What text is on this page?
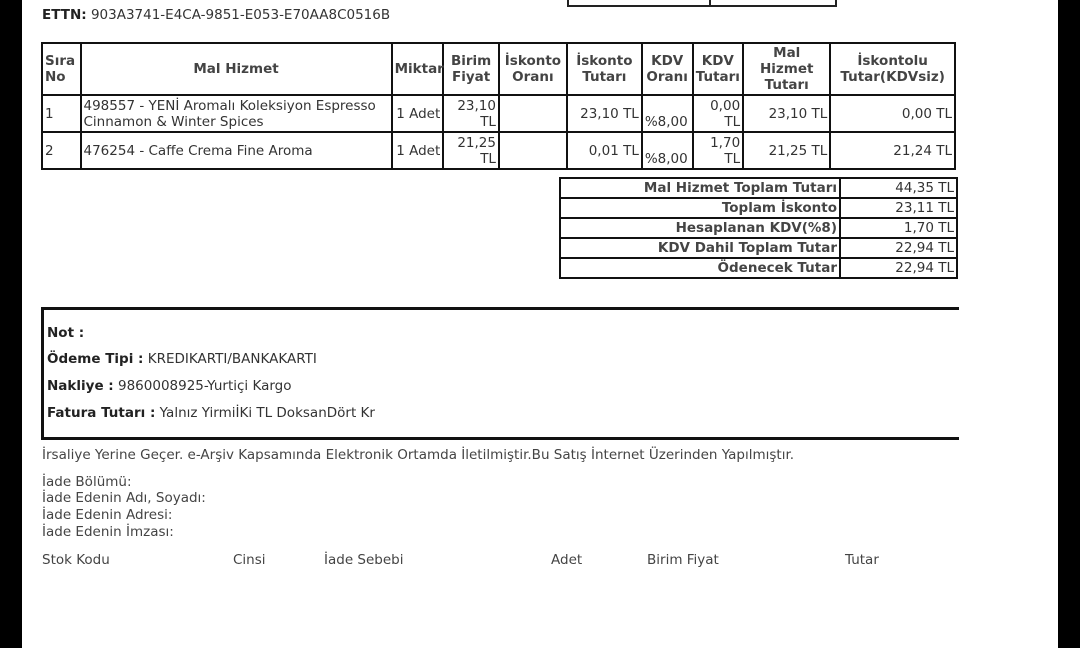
ETTN: 903A3741-E4CA-9851-E053-E70AA8C0516B
Sıra No	Mal Hizmet	Miktar	Birim Fiyat	İskonto Oranı	İskonto Tutarı	KDV Oranı	KDV Tutarı	Mal Hizmet Tutarı	İskontolu Tutar(KDVsiz)
1	498557 - YENİ Aromalı Koleksiyon Espresso Cinnamon & Winter Spices	1 Adet	23,10 TL		23,10 TL	%8,00	0,00 TL	23,10 TL	0,00 TL
2	476254 - Caffe Crema Fine Aroma	1 Adet	21,25 TL		0,01 TL	%8,00	1,70 TL	21,25 TL	21,24 TL
Mal Hizmet Toplam Tutarı	44,35 TL
Toplam İskonto	23,11 TL
Hesaplanan KDV(%8)	1,70 TL
KDV Dahil Toplam Tutar	22,94 TL
Ödenecek Tutar	22,94 TL
Not :
Ödeme Tipi : KREDIKARTI/BANKAKARTI
Nakliye : 9860008925-Yurtiçi Kargo
Fatura Tutarı : Yalnız YirmiİKi TL DoksanDört Kr
İrsaliye Yerine Geçer. e-Arşiv Kapsamında Elektronik Ortamda İletilmiştir.Bu Satış İnternet Üzerinden Yapılmıştır.
İade Bölümü:
İade Edenin Adı, Soyadı:
İade Edenin Adresi:
İade Edenin İmzası:
Stok Kodu	Cinsi	İade Sebebi	Adet	Birim Fiyat	Tutar
